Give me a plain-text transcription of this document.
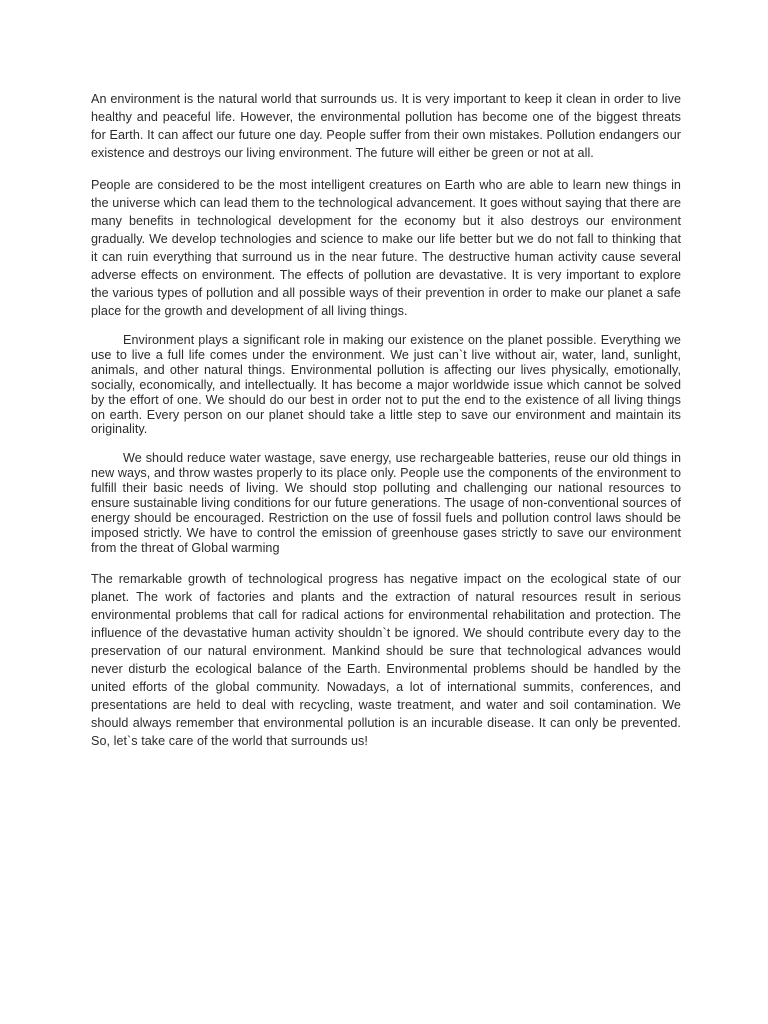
An environment is the natural world that surrounds us. It is very important to keep it clean in order to live healthy and peaceful life. However, the environmental pollution has become one of the biggest threats for Earth. It can affect our future one day. People suffer from their own mistakes. Pollution endangers our existence and destroys our living environment. The future will either be green or not at all.

People are considered to be the most intelligent creatures on Earth who are able to learn new things in the universe which can lead them to the technological advancement. It goes without saying that there are many benefits in technological development for the economy but it also destroys our environment gradually. We develop technologies and science to make our life better but we do not fall to thinking that it can ruin everything that surround us in the near future. The destructive human activity cause several adverse effects on environment. The effects of pollution are devastative. It is very important to explore the various types of pollution and all possible ways of their prevention in order to make our planet a safe place for the growth and development of all living things.

Environment plays a significant role in making our existence on the planet possible. Everything we use to live a full life comes under the environment. We just can`t live without air, water, land, sunlight, animals, and other natural things. Environmental pollution is affecting our lives physically, emotionally, socially, economically, and intellectually. It has become a major worldwide issue which cannot be solved by the effort of one. We should do our best in order not to put the end to the existence of all living things on earth. Every person on our planet should take a little step to save our environment and maintain its originality.

We should reduce water wastage, save energy, use rechargeable batteries, reuse our old things in new ways, and throw wastes properly to its place only. People use the components of the environment to fulfill their basic needs of living. We should stop polluting and challenging our national resources to ensure sustainable living conditions for our future generations. The usage of non-conventional sources of energy should be encouraged. Restriction on the use of fossil fuels and pollution control laws should be imposed strictly. We have to control the emission of greenhouse gases strictly to save our environment from the threat of Global warming

The remarkable growth of technological progress has negative impact on the ecological state of our planet. The work of factories and plants and the extraction of natural resources result in serious environmental problems that call for radical actions for environmental rehabilitation and protection. The influence of the devastative human activity shouldn`t be ignored. We should contribute every day to the preservation of our natural environment. Mankind should be sure that technological advances would never disturb the ecological balance of the Earth. Environmental problems should be handled by the united efforts of the global community. Nowadays, a lot of international summits, conferences, and presentations are held to deal with recycling, waste treatment, and water and soil contamination. We should always remember that environmental pollution is an incurable disease. It can only be prevented. So, let`s take care of the world that surrounds us!
